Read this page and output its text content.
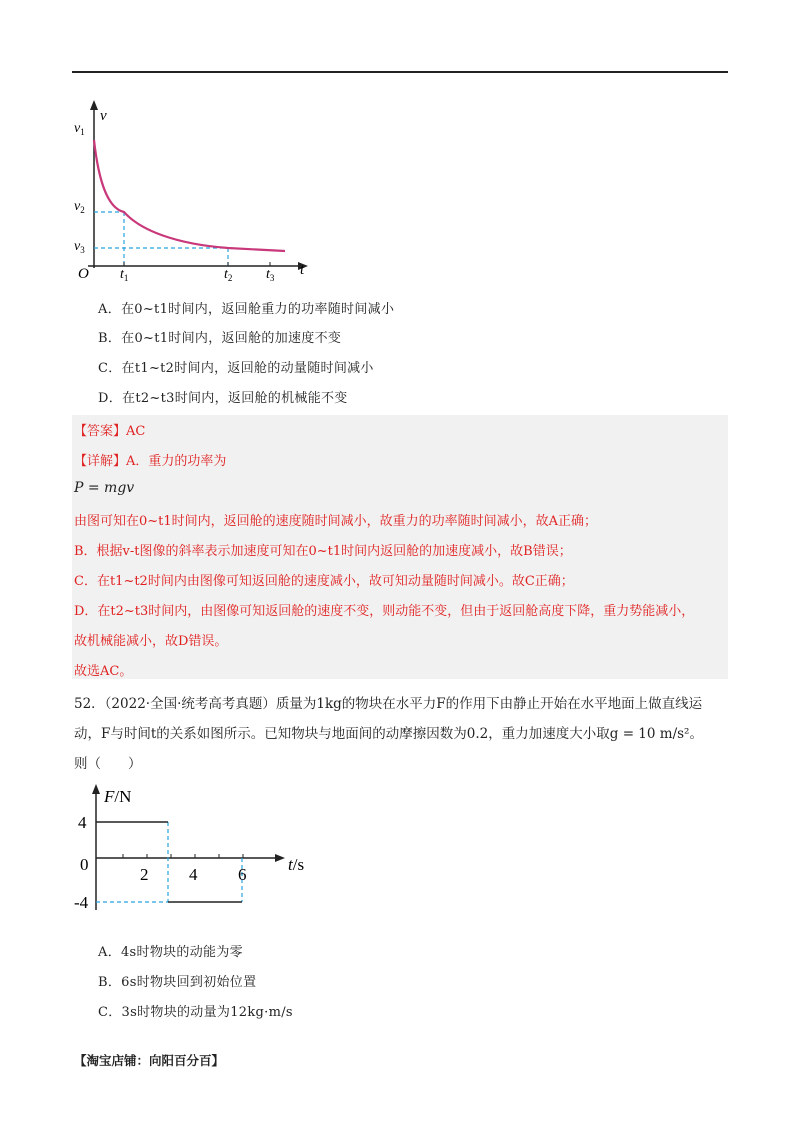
v
t
O
$v_1$
$v_2$
$v_3$
$t_1$	$t_2$ $t_3$
A．在0~t1时间内，返回舱重力的功率随时间减小
B．在0~t1时间内，返回舱的加速度不变
C．在t1~t2时间内，返回舱的动量随时间减小
D．在t2~t3时间内，返回舱的机械能不变
【答案】AC
【详解】A．重力的功率为
P = mgv
由图可知在0~t1时间内，返回舱的速度随时间减小，故重力的功率随时间减小，故A正确；
B．根据v-t图像的斜率表示加速度可知在0~t1时间内返回舱的加速度减小，故B错误；
C．在t1~t2时间内由图像可知返回舱的速度减小，故可知动量随时间减小。故C正确；
D．在t2~t3时间内，由图像可知返回舱的速度不变，则动能不变，但由于返回舱高度下降，重力势能减小，
故机械能减小，故D错误。
故选AC。
52．（2022·全国·统考高考真题）质量为1kg的物块在水平力F的作用下由静止开始在水平地面上做直线运
动，F与时间t的关系如图所示。已知物块与地面间的动摩擦因数为0.2，重力加速度大小取g = 10 m/s²。
则（　　）
F/N
t/s
4
0
-4
2 4 6
A．4s时物块的动能为零
B．6s时物块回到初始位置
C．3s时物块的动量为12kg·m/s
【淘宝店铺：向阳百分百】
